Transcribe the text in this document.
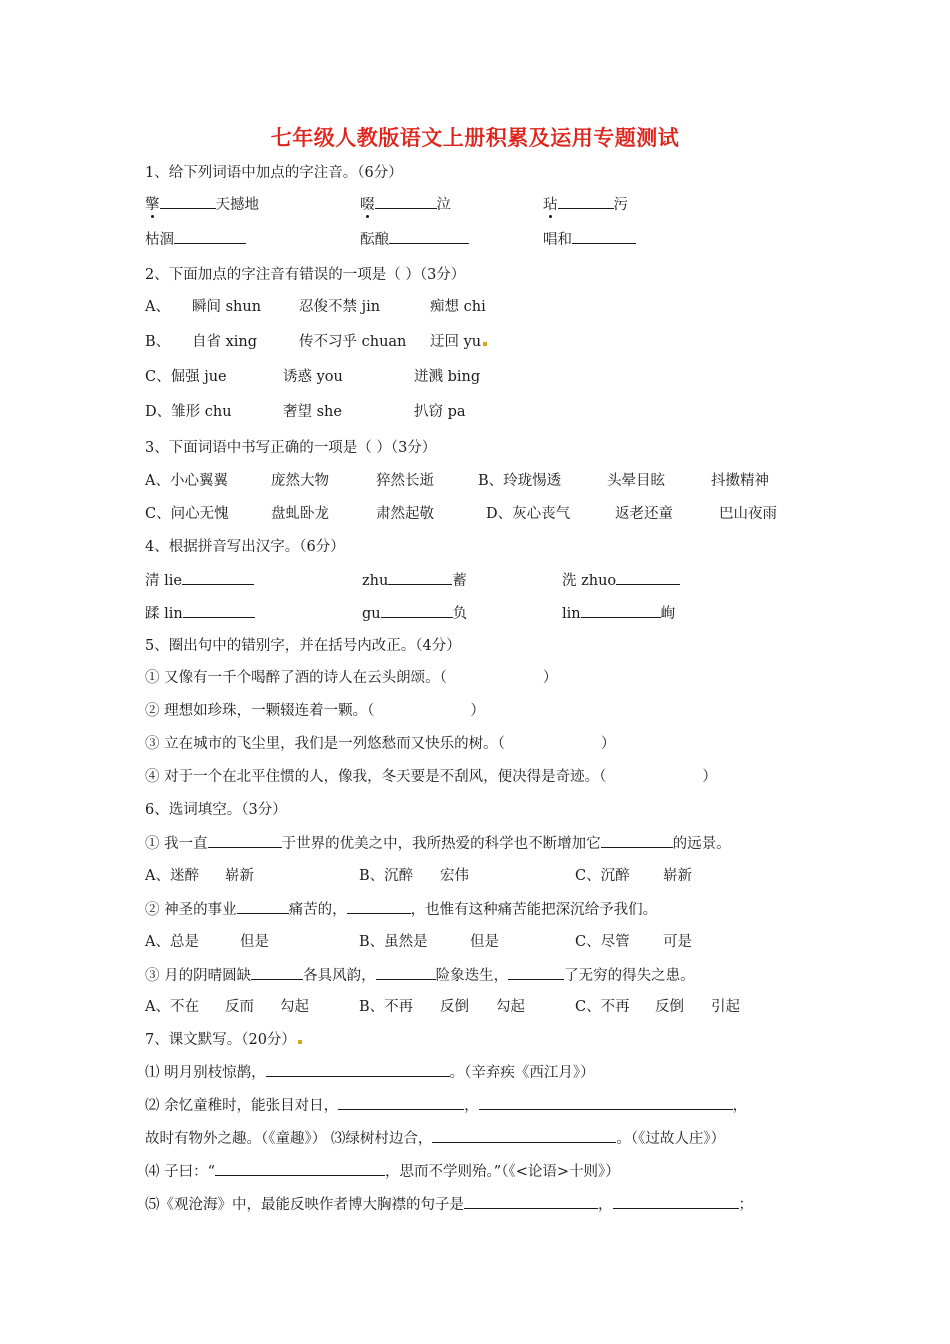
七年级人教版语文上册积累及运用专题测试
1、给下列词语中加点的字注音。（6分）
擎	天撼地	啜	泣	玷	污
枯涸	酝酿	唱和
2、下面加点的字注音有错误的一项是（ ）（3分）
A、 瞬间 shun	忍俊不禁 jin	痴想 chi
B、 自省 xing	传不习乎 chuan 迂回 yu
C、倔强 jue	诱惑 you	迸溅 bing
D、雏形 chu	奢望 she	扒窃 pa
3、下面词语中书写正确的一项是（ ）（3分）
A、小心翼翼	庞然大物	猝然长逝	B、玲珑惕透	头晕目眩	抖擞精神
C、问心无愧	盘虬卧龙	肃然起敬	D、灰心丧气	返老还童	巴山夜雨
4、根据拼音写出汉字。（6分）
清 lie	zhu	蓄	洗 zhuo
蹂 lin	gu	负	lin	峋
5、圈出句中的错别字，并在括号内改正。（4分）
① 又像有一千个喝醉了酒的诗人在云头朗颂。（	）
② 理想如珍珠，一颗辍连着一颗。（	）
③ 立在城市的飞尘里，我们是一列悠愁而又快乐的树。（	）
④ 对于一个在北平住惯的人，像我，冬天要是不刮风，便决得是奇迹。（	）
6、选词填空。（3分）
① 我一直	于世界的优美之中，我所热爱的科学也不断增加它	的远景。
A、迷醉 崭新	B、沉醉 宏伟	C、沉醉 崭新
② 神圣的事业	痛苦的，	，也惟有这种痛苦能把深沉给予我们。
A、总是	但是	B、虽然是	但是	C、尽管 可是
③ 月的阴晴圆缺	各具风韵，	险象迭生，	了无穷的得失之患。
A、不在 反而 勾起	B、不再 反倒 勾起	C、不再 反倒 引起
7、课文默写。（20分）
⑴ 明月别枝惊鹊，	。（辛弃疾《西江月》）
⑵ 余忆童稚时，能张目对日，	，	，
故时有物外之趣。（《童趣》） ⑶绿树村边合，	。（《过故人庄》）
⑷ 子曰：“	，思而不学则殆。”（《<论语>十则》）
⑸《观沧海》中，最能反映作者博大胸襟的句子是	，	；
